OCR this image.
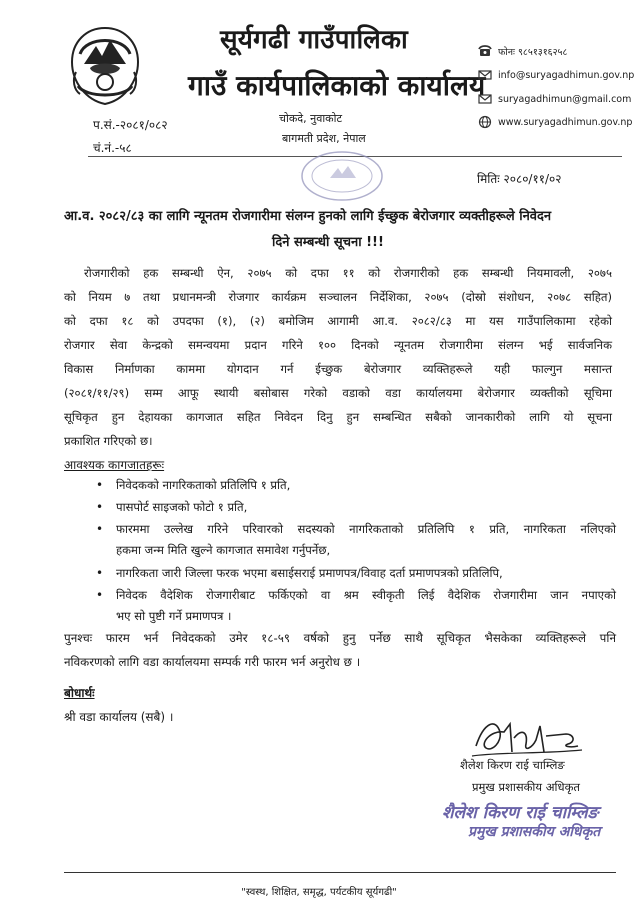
सूर्यगढी गाउँपालिका
गाउँ कार्यपालिकाको कार्यालय
फोनः ९८५१३१६२५८
info@suryagadhimun.gov.np
suryagadhimun@gmail.com
www.suryagadhimun.gov.np
प.सं.-२०८१/०८२
चं.नं.-५८
चोकदे, नुवाकोट
बागमती प्रदेश, नेपाल
मितिः २०८०/११/०२
आ.व. २०८२/८३ का लागि न्यूनतम रोजगारीमा संलग्न हुनको लागि ईच्छुक बेरोजगार व्यक्तीहरूले निवेदन
दिने सम्बन्धी सूचना !!!
रोजगारीको हक सम्बन्धी ऐन, २०७५ को दफा ११ को रोजगारीको हक सम्बन्धी नियमावली, २०७५
को नियम ७ तथा प्रधानमन्त्री रोजगार कार्यक्रम सञ्चालन निर्देशिका, २०७५ (दोस्रो संशोधन, २०७८ सहित)
को दफा १८ को उपदफा (१), (२) बमोजिम आगामी आ.व. २०८२/८३ मा यस गाउँपालिकामा रहेको
रोजगार सेवा केन्द्रको समन्वयमा प्रदान गरिने १०० दिनको न्यूनतम रोजगारीमा संलग्न भई सार्वजनिक
विकास निर्माणका काममा योगदान गर्न ईच्छुक बेरोजगार व्यक्तिहरूले यही फाल्गुन मसान्त
(२०८१/११/२९) सम्म आफू स्थायी बसोबास गरेको वडाको वडा कार्यालयमा बेरोजगार व्यक्तीको सूचिमा
सूचिकृत हुन देहायका कागजात सहित निवेदन दिनु हुन सम्बन्धित सबैको जानकारीको लागि यो सूचना
प्रकाशित गरिएको छ।
आवश्यक कागजातहरूः
• निवेदकको नागरिकताको प्रतिलिपि १ प्रति,
• पासपोर्ट साइजको फोटो १ प्रति,
• फारममा उल्लेख गरिने परिवारको सदस्यको नागरिकताको प्रतिलिपि १ प्रति, नागरिकता नलिएको
हकमा जन्म मिति खुल्ने कागजात समावेश गर्नुपर्नेछ,
• नागरिकता जारी जिल्ला फरक भएमा बसाईसराई प्रमाणपत्र/विवाह दर्ता प्रमाणपत्रको प्रतिलिपि,
• निवेदक वैदेशिक रोजगारीबाट फर्किएको वा श्रम स्वीकृती लिई वैदेशिक रोजगारीमा जान नपाएको
भए सो पुष्टी गर्ने प्रमाणपत्र ।
पुनश्चः फारम भर्न निवेदकको उमेर १८-५९ वर्षको हुनु पर्नेछ साथै सूचिकृत भैसकेका व्यक्तिहरूले पनि
नविकरणको लागि वडा कार्यालयमा सम्पर्क गरी फारम भर्न अनुरोध छ ।
बोधार्थः
श्री वडा कार्यालय (सबै) ।
शैलेश किरण राई चाम्लिङ
प्रमुख प्रशासकीय अधिकृत
शैलेश किरण राई चाम्लिङ
प्रमुख प्रशासकीय अधिकृत
"स्वस्थ, शिक्षित, समृद्ध, पर्यटकीय सूर्यगढी"
